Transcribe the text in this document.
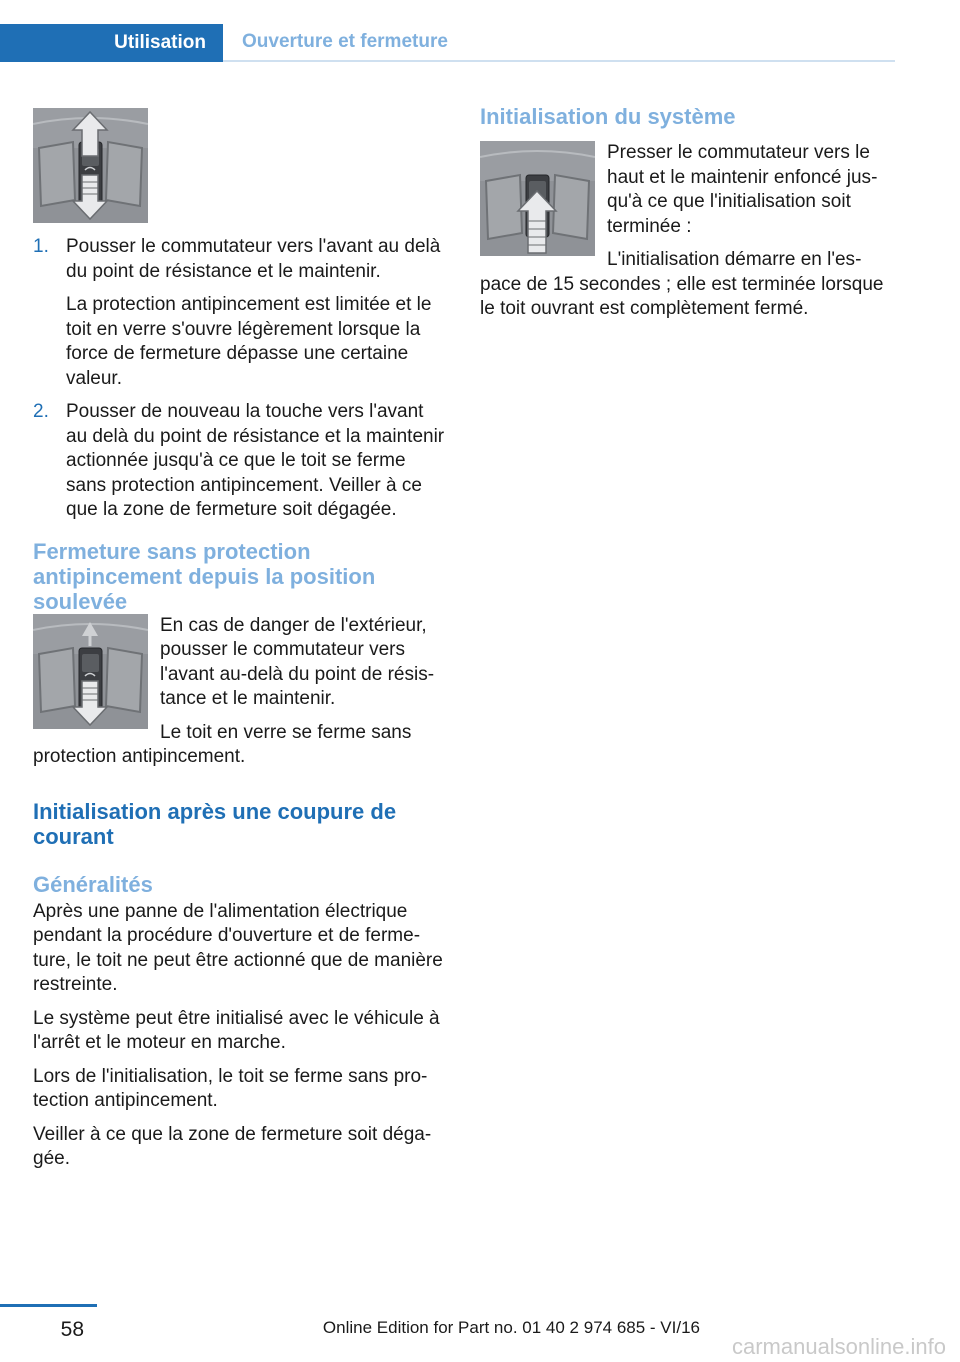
Utilisation	Ouverture et fermeture
1. Pousser le commutateur vers l'avant au delà du point de résistance et le maintenir.

La protection antipincement est limitée et le toit en verre s'ouvre légèrement lorsque la force de fermeture dépasse une certaine valeur.

2. Pousser de nouveau la touche vers l'avant au delà du point de résistance et la maintenir actionnée jusqu'à ce que le toit se ferme sans protection antipincement. Veiller à ce que la zone de fermeture soit dégagée.

Fermeture sans protection antipincement depuis la position soulevée

En cas de danger de l'extérieur, pousser le commutateur vers l'avant au-delà du point de résistance et le maintenir.

Le toit en verre se ferme sans protection antipincement.

Initialisation après une coupure de courant
Généralités

Après une panne de l'alimentation électrique pendant la procédure d'ouverture et de fermeture, le toit ne peut être actionné que de manière restreinte.

Le système peut être initialisé avec le véhicule à l'arrêt et le moteur en marche.

Lors de l'initialisation, le toit se ferme sans protection antipincement.

Veiller à ce que la zone de fermeture soit dégagée.

Initialisation du système

Presser le commutateur vers le haut et le maintenir enfoncé jusqu'à ce que l'initialisation soit terminée :

L'initialisation démarre en l'espace de 15 secondes ; elle est terminée lorsque le toit ouvrant est complètement fermé.

58	Online Edition for Part no. 01 40 2 974 685 - VI/16
carmanualsonline.info
